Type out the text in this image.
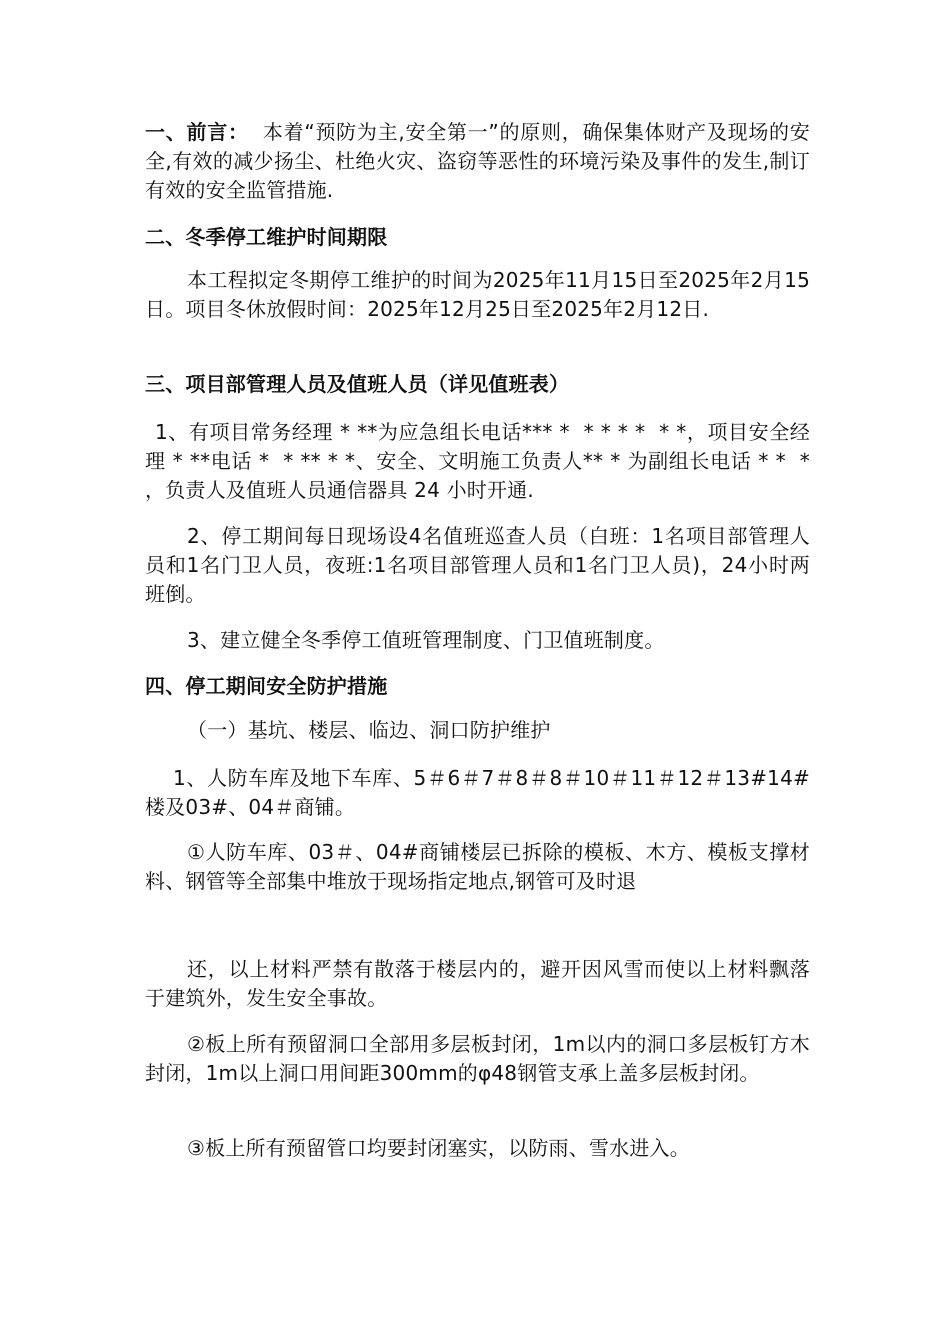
一、前言： 本着“预防为主,安全第一”的原则，确保集体财产及现场的安全,有效的减少扬尘、杜绝火灾、盗窃等恶性的环境污染及事件的发生,制订有效的安全监管措施.
二、冬季停工维护时间期限
本工程拟定冬期停工维护的时间为2025年11月15日至2025年2月15日。项目冬休放假时间：2025年12月25日至2025年2月12日.
三、项目部管理人员及值班人员（详见值班表）
1、有项目常务经理 * **为应急组长电话*** *  * * * *  * *，项目安全经理 * **电话 *  * ** * *、安全、文明施工负责人** * 为副组长电话 * *  * ，负责人及值班人员通信器具 24 小时开通.
2、停工期间每日现场设4名值班巡查人员（白班：1名项目部管理人员和1名门卫人员，夜班:1名项目部管理人员和1名门卫人员)，24小时两班倒。
3、建立健全冬季停工值班管理制度、门卫值班制度。
四、停工期间安全防护措施
（一）基坑、楼层、临边、洞口防护维护
1、人防车库及地下车库、5＃6＃7＃8＃8＃10＃11＃12＃13#14#楼及03#、04＃商铺。
①人防车库、03＃、04#商铺楼层已拆除的模板、木方、模板支撑材料、钢管等全部集中堆放于现场指定地点,钢管可及时退
还，以上材料严禁有散落于楼层内的，避开因风雪而使以上材料飘落于建筑外，发生安全事故。
②板上所有预留洞口全部用多层板封闭，1m以内的洞口多层板钉方木封闭，1m以上洞口用间距300mm的φ48钢管支承上盖多层板封闭。
③板上所有预留管口均要封闭塞实，以防雨、雪水进入。
